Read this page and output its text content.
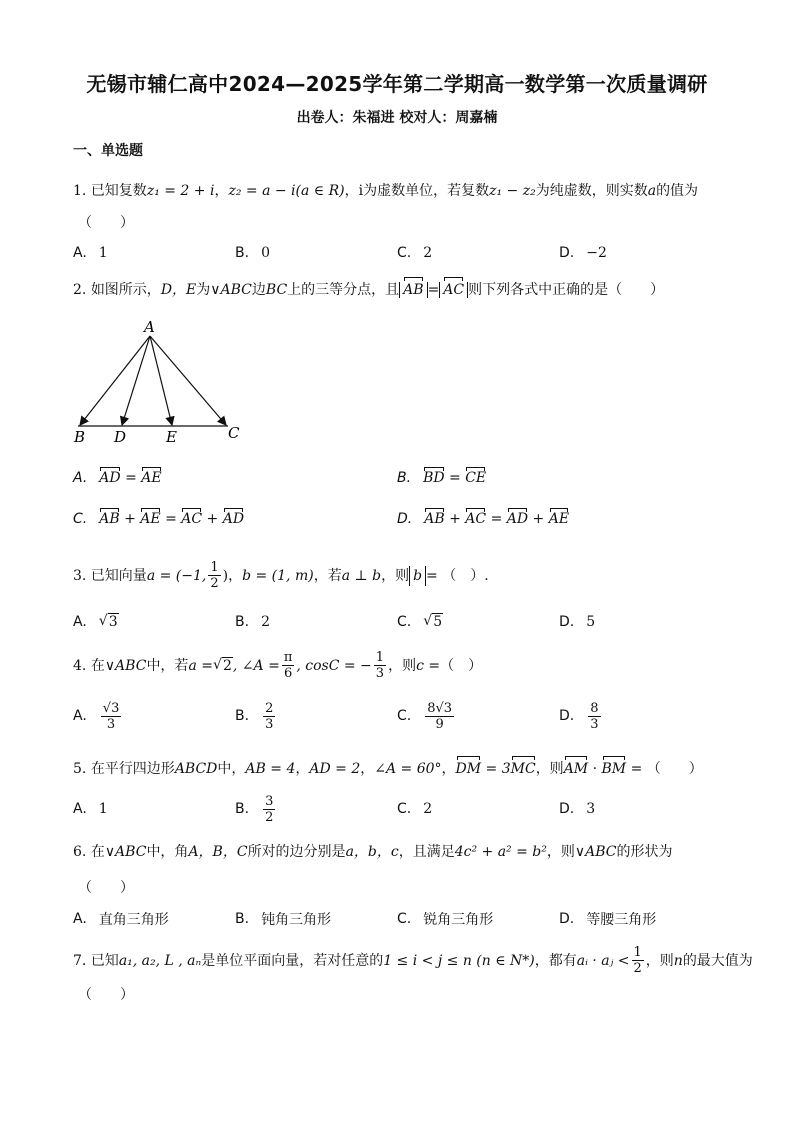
无锡市辅仁高中2024—2025学年第二学期高一数学第一次质量调研
出卷人：朱福进 校对人：周嘉楠
一、单选题
1. 已知复数z₁ = 2 + i，z₂ = a − i(a ∈ R)，i为虚数单位，若复数z₁ − z₂为纯虚数，则实数a的值为
（　　）
A. 1	B. 0	C. 2	D. −2
2. 如图所示，D，E为∨ABC边BC上的三等分点，且 AB = AC 则下列各式中正确的是（　　）
A
B D	E	C
A. AD
=
AE	B. BD
=
CE
C. AB
+
AE
=
AC
+
AD	D. AB
+
AC
=
AD
+
AE
3.
已知向量 a = (−1, $\frac{1}{2}$ ) ， b = (1, m) ，若 a ⊥ b ，则 b = （　）.
A.	√ 3	B. 2	C.	√ 5	D. 5
4.
在 ∨ABC 中，若 a = √ 2 , ∠A = $\frac{\pi}{6}$ , cosC = − $\frac{1}{3}$ ，则 c = （　）
A. $\frac{√3}{3}$	B. $\frac{2}{3}$	C. $\frac{8√3}{9}$	D. $\frac{8}{3}$
5. 在平行四边形ABCD中，AB = 4，AD = 2，∠A = 60°，DM = 3MC，则AM · BM = （　　）
A. 1	B. $\frac{3}{2}$	C. 2	D. 3
6. 在∨ABC中，角A，B，C所对的边分别是a，b，c，且满足4c² + a² = b²，则∨ABC的形状为
（　　）
A. 直角三角形	B. 钝角三角形	C. 锐角三角形	D. 等腰三角形
7.
已知 a₁, a₂, L , aₙ 是单位平面向量，若对任意的 1 ≤ i < j ≤ n (n ∈ N*) ，都有 aᵢ · aⱼ < $\frac{1}{2}$ ，则 n 的最大值为
（　　）
